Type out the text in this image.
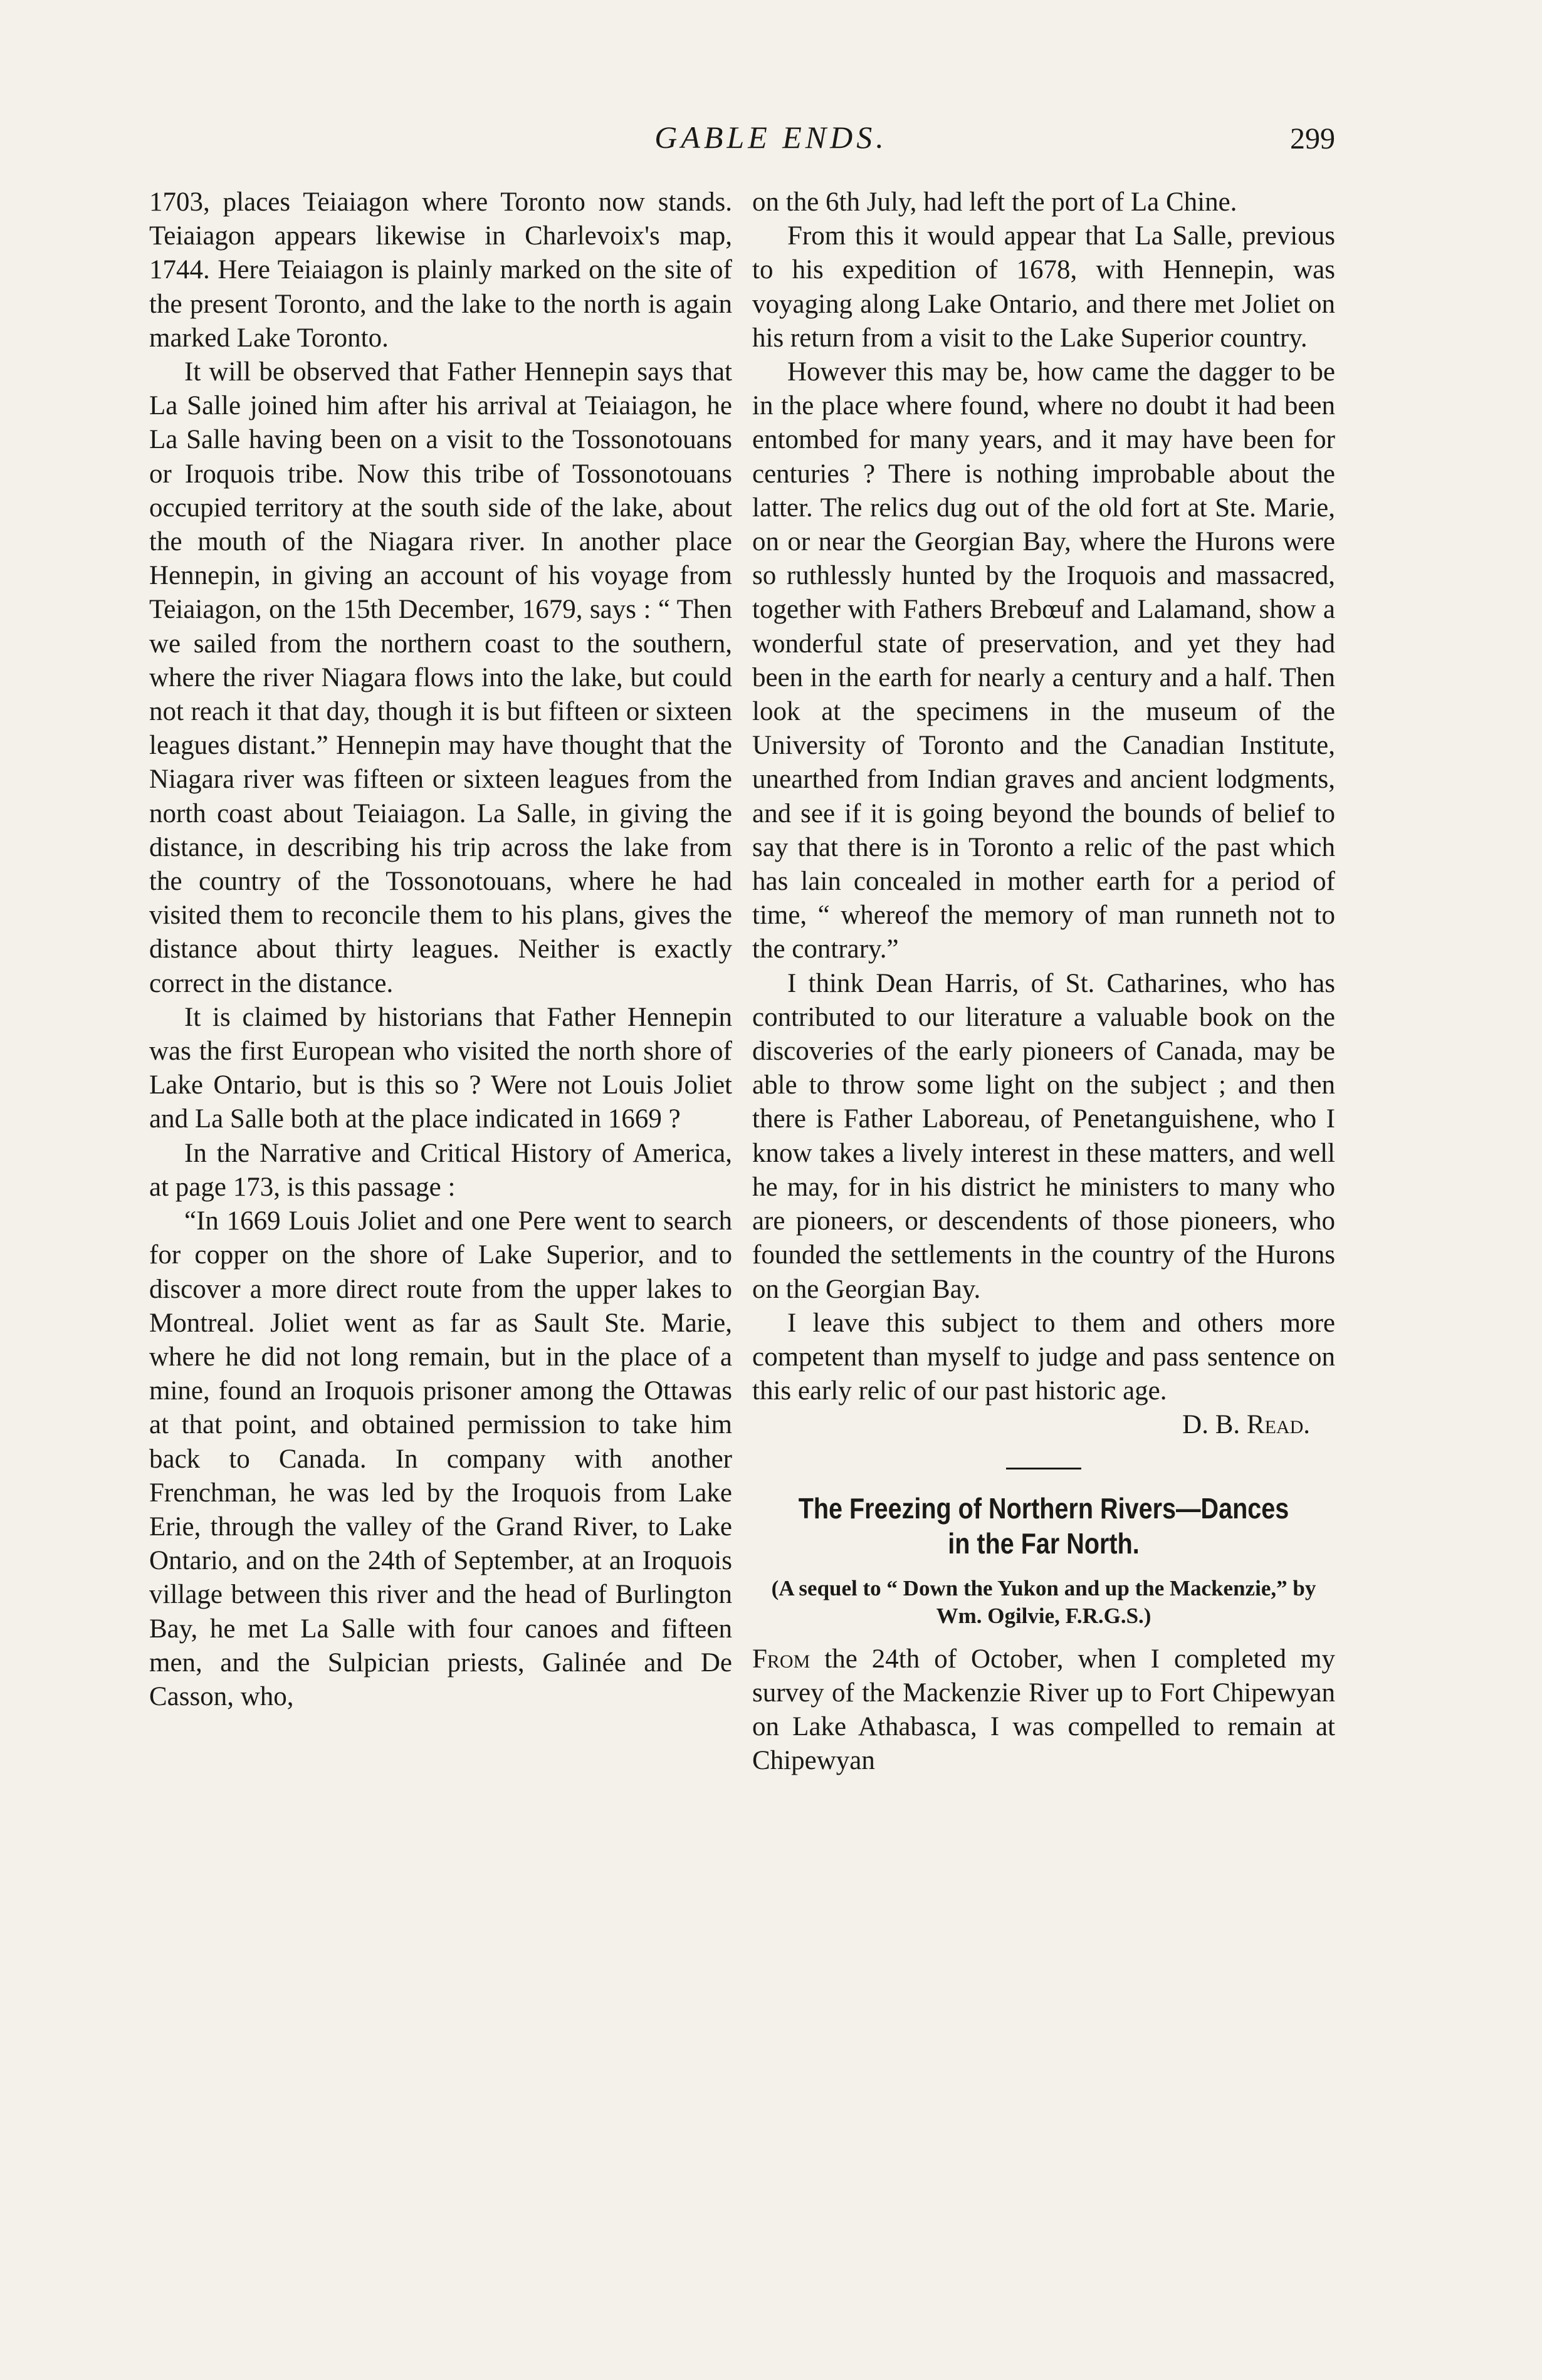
GABLE ENDS.	299

1703, places Teiaiagon where Toronto now stands. Teiaiagon appears likewise in Charlevoix's map, 1744. Here Teiaiagon is plainly marked on the site of the present Toronto, and the lake to the north is again marked Lake Toronto.

It will be observed that Father Hennepin says that La Salle joined him after his arrival at Teiaiagon, he La Salle having been on a visit to the Tossonotouans or Iroquois tribe. Now this tribe of Tossonotouans occupied territory at the south side of the lake, about the mouth of the Niagara river. In another place Hennepin, in giving an account of his voyage from Teiaiagon, on the 15th December, 1679, says : “ Then we sailed from the northern coast to the southern, where the river Niagara flows into the lake, but could not reach it that day, though it is but fifteen or sixteen leagues distant.” Hennepin may have thought that the Niagara river was fifteen or sixteen leagues from the north coast about Teiaiagon. La Salle, in giving the distance, in describing his trip across the lake from the country of the Tossonotouans, where he had visited them to reconcile them to his plans, gives the distance about thirty leagues. Neither is exactly correct in the distance.

It is claimed by historians that Father Hennepin was the first European who visited the north shore of Lake Ontario, but is this so ? Were not Louis Joliet and La Salle both at the place indicated in 1669 ?

In the Narrative and Critical History of America, at page 173, is this passage :

“In 1669 Louis Joliet and one Pere went to search for copper on the shore of Lake Superior, and to discover a more direct route from the upper lakes to Montreal. Joliet went as far as Sault Ste. Marie, where he did not long remain, but in the place of a mine, found an Iroquois prisoner among the Ottawas at that point, and obtained permission to take him back to Canada. In company with another Frenchman, he was led by the Iroquois from Lake Erie, through the valley of the Grand River, to Lake Ontario, and on the 24th of September, at an Iroquois village between this river and the head of Burlington Bay, he met La Salle with four canoes and fifteen men, and the Sulpician priests, Galinée and De Casson, who,

on the 6th July, had left the port of La Chine.

From this it would appear that La Salle, previous to his expedition of 1678, with Hennepin, was voyaging along Lake Ontario, and there met Joliet on his return from a visit to the Lake Superior country.

However this may be, how came the dagger to be in the place where found, where no doubt it had been entombed for many years, and it may have been for centuries ? There is nothing improbable about the latter. The relics dug out of the old fort at Ste. Marie, on or near the Georgian Bay, where the Hurons were so ruthlessly hunted by the Iroquois and massacred, together with Fathers Brebœuf and Lalamand, show a wonderful state of preservation, and yet they had been in the earth for nearly a century and a half. Then look at the specimens in the museum of the University of Toronto and the Canadian Institute, unearthed from Indian graves and ancient lodgments, and see if it is going beyond the bounds of belief to say that there is in Toronto a relic of the past which has lain concealed in mother earth for a period of time, “ whereof the memory of man runneth not to the contrary.”

I think Dean Harris, of St. Catharines, who has contributed to our literature a valuable book on the discoveries of the early pioneers of Canada, may be able to throw some light on the subject ; and then there is Father Laboreau, of Penetanguishene, who I know takes a lively interest in these matters, and well he may, for in his district he ministers to many who are pioneers, or descendents of those pioneers, who founded the settlements in the country of the Hurons on the Georgian Bay.

I leave this subject to them and others more competent than myself to judge and pass sentence on this early relic of our past historic age.

D. B. Read.
The Freezing of Northern Rivers—Dances in the Far North.
(A sequel to “ Down the Yukon and up the Mackenzie,” by Wm. Ogilvie, F.R.G.S.)

From the 24th of October, when I completed my survey of the Mackenzie River up to Fort Chipewyan on Lake Athabasca, I was compelled to remain at Chipewyan
